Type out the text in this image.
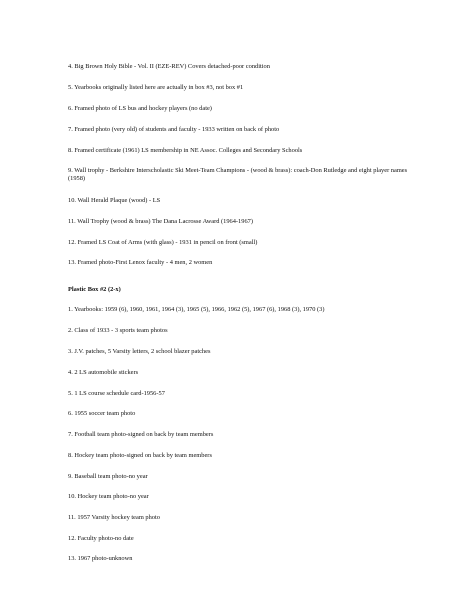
4. Big Brown Holy Bible - Vol. II (EZE-REV) Covers detached-poor condition
5. Yearbooks originally listed here are actually in box #3, not box #1
6. Framed photo of LS bus and hockey players (no date)
7. Framed photo (very old) of students and faculty - 1933 written on back of photo
8. Framed certificate (1961) LS membership in NE Assoc. Colleges and Secondary Schools
9. Wall trophy - Berkshire Interscholastic Ski Meet-Team Champions - (wood & brass): coach-Don Rutledge and eight player names (1958)
10. Wall Herald Plaque (wood) - LS
11. Wall Trophy (wood & brass) The Dana Lacrosse Award (1964-1967)
12. Framed LS Coat of Arms (with glass) - 1931 in pencil on front (small)
13. Framed photo-First Lenox faculty - 4 men, 2 women
Plastic Box #2 (2-x)
1. Yearbooks: 1959 (6), 1960, 1961, 1964 (3), 1965 (5), 1966, 1962 (5), 1967 (6), 1968 (3), 1970 (3)
2. Class of 1933 - 3 sports team photos
3. J.V. patches, 5 Varsity letters, 2 school blazer patches
4. 2 LS automobile stickers
5. 1 LS course schedule card-1956-57
6. 1955 soccer team photo
7. Football team photo-signed on back by team members
8. Hockey team photo-signed on back by team members
9. Baseball team photo-no year
10. Hockey team photo-no year
11. 1957 Varsity hockey team photo
12. Faculty photo-no date
13. 1967 photo-unknown
